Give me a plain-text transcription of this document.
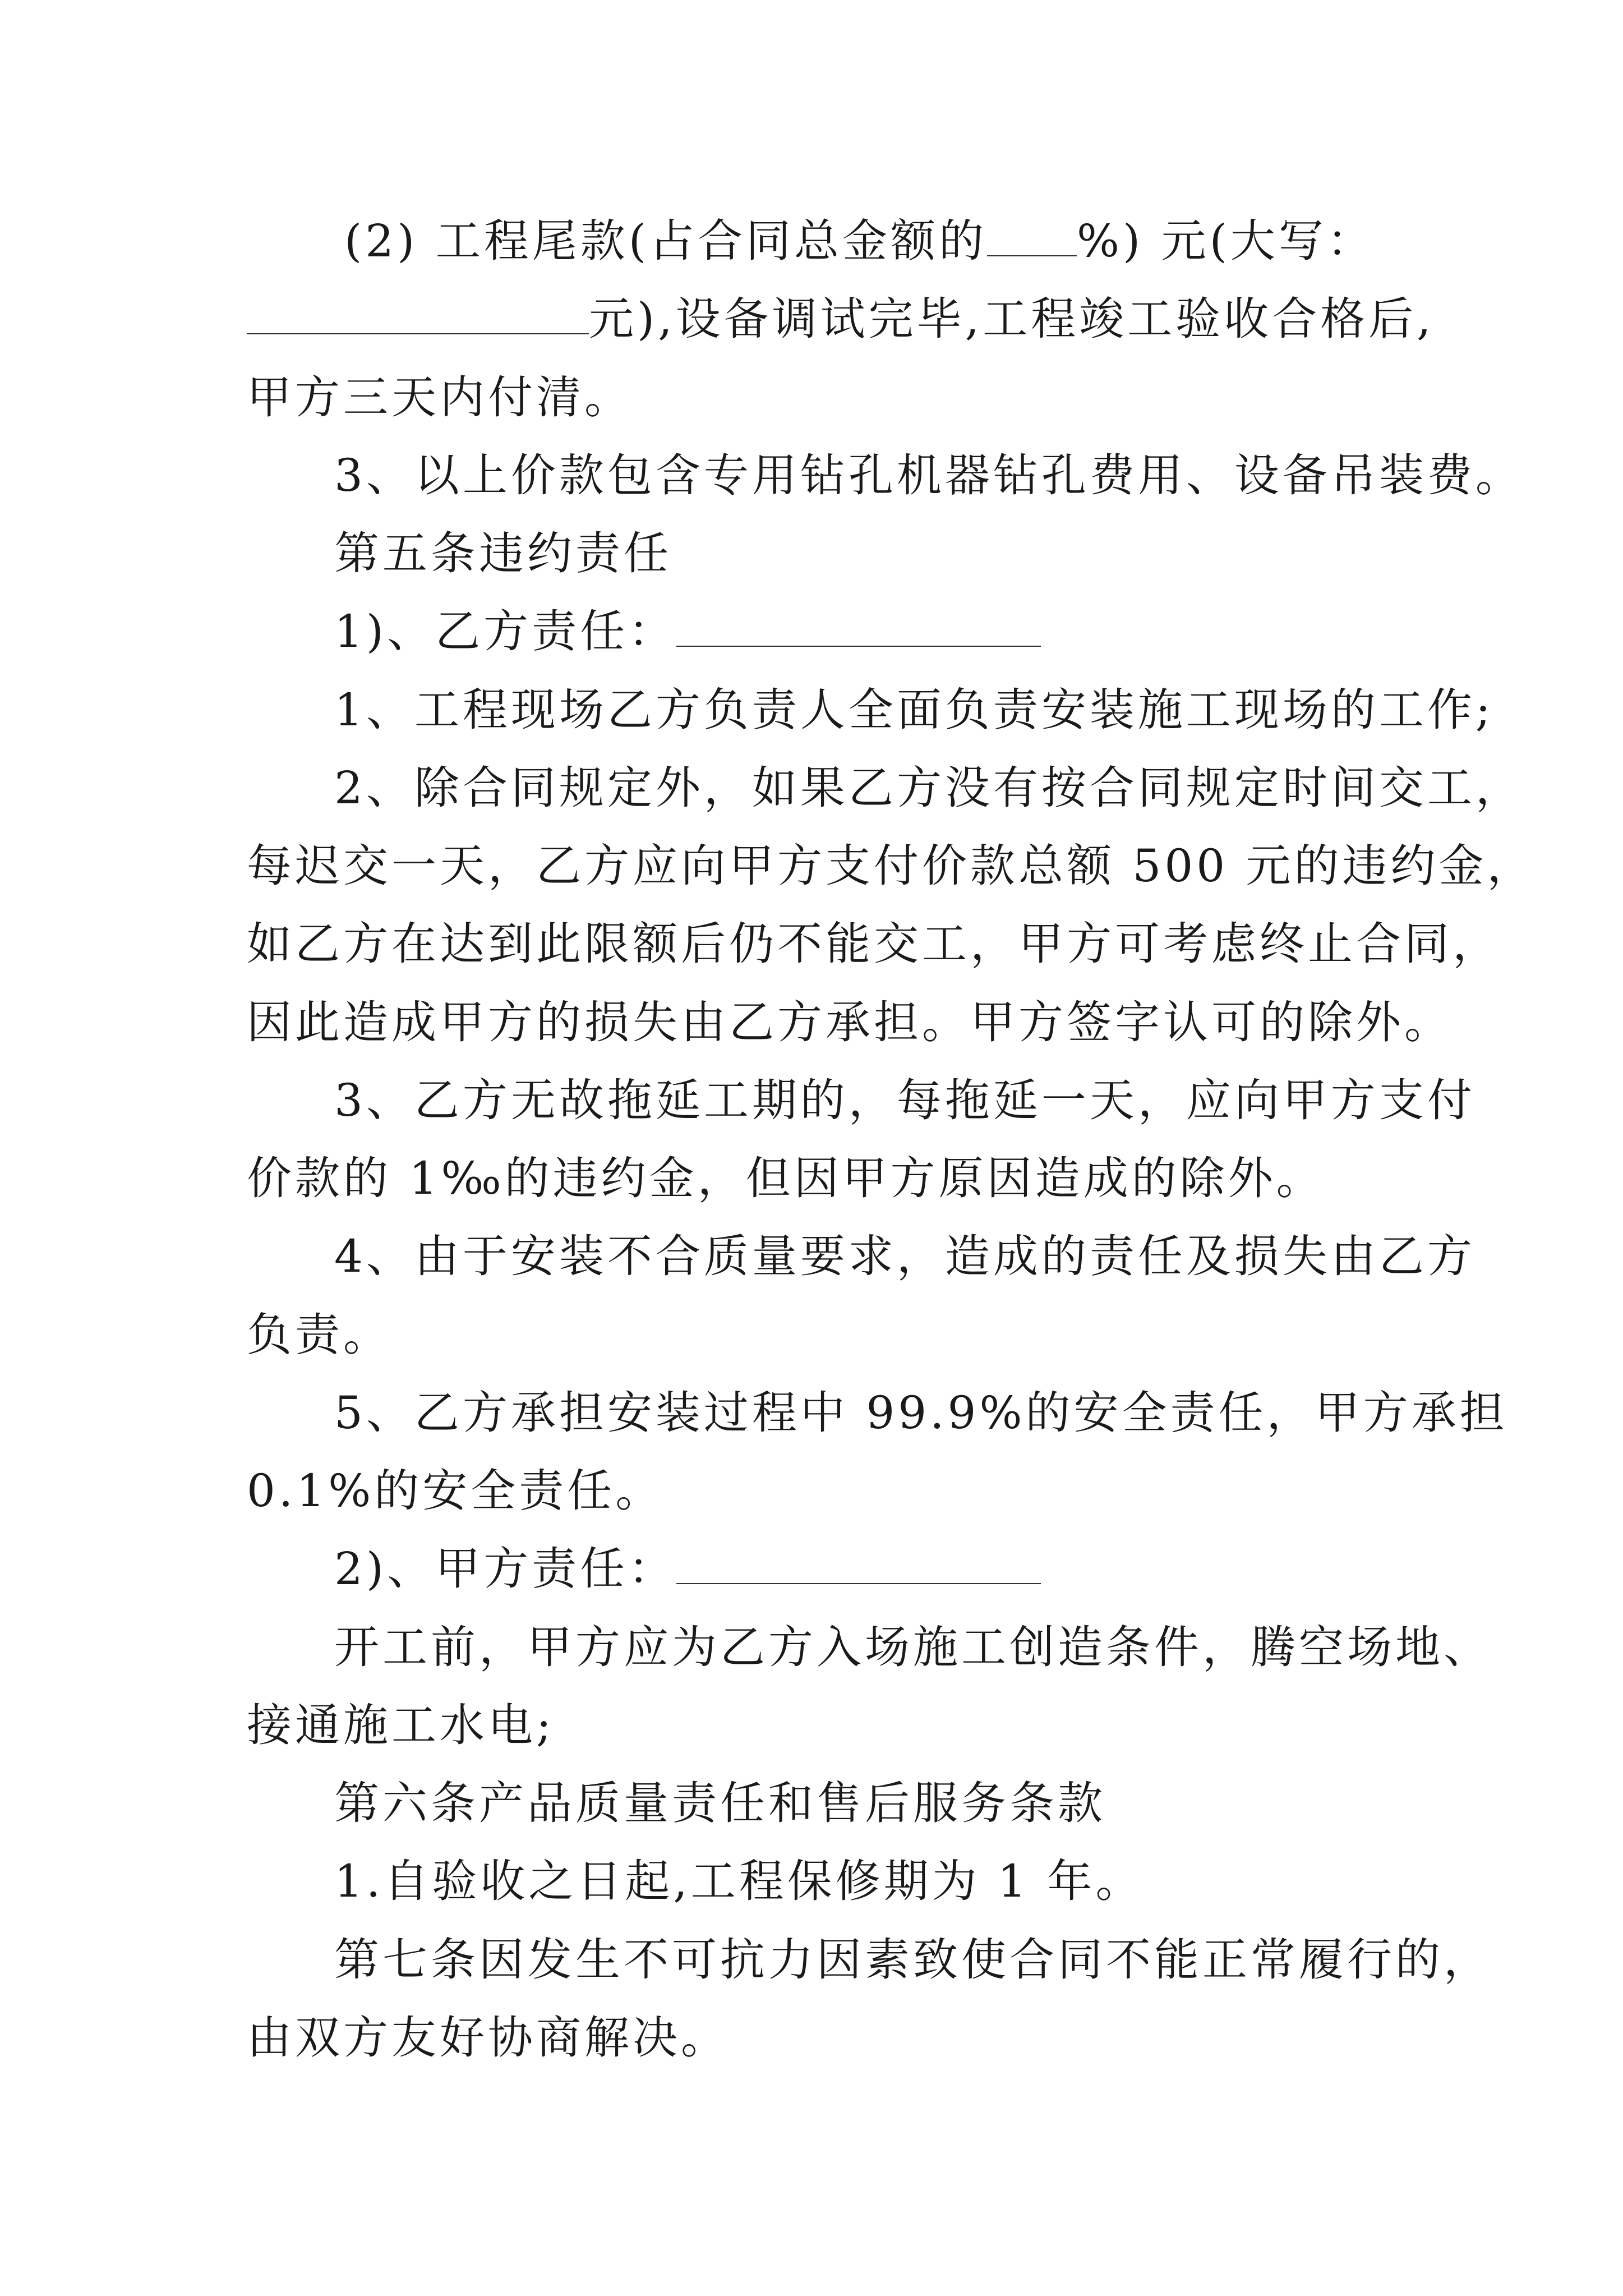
(2) 工程尾款(占合同总金额的 %) 元(大写：
元),设备调试完毕,工程竣工验收合格后,
甲方三天内付清。
3、以上价款包含专用钻孔机器钻孔费用、设备吊装费。
第五条违约责任
1)、乙方责任：
1、工程现场乙方负责人全面负责安装施工现场的工作;
2、除合同规定外，如果乙方没有按合同规定时间交工，
每迟交一天，乙方应向甲方支付价款总额 500 元的违约金，
如乙方在达到此限额后仍不能交工，甲方可考虑终止合同，
因此造成甲方的损失由乙方承担。甲方签字认可的除外。
3、乙方无故拖延工期的，每拖延一天，应向甲方支付
价款的 1‰的违约金，但因甲方原因造成的除外。
4、由于安装不合质量要求，造成的责任及损失由乙方
负责。
5、乙方承担安装过程中 99.9%的安全责任，甲方承担
0.1%的安全责任。
2)、甲方责任：
开工前，甲方应为乙方入场施工创造条件，腾空场地、
接通施工水电;
第六条产品质量责任和售后服务条款
1.自验收之日起,工程保修期为 1 年。
第七条因发生不可抗力因素致使合同不能正常履行的，
由双方友好协商解决。
